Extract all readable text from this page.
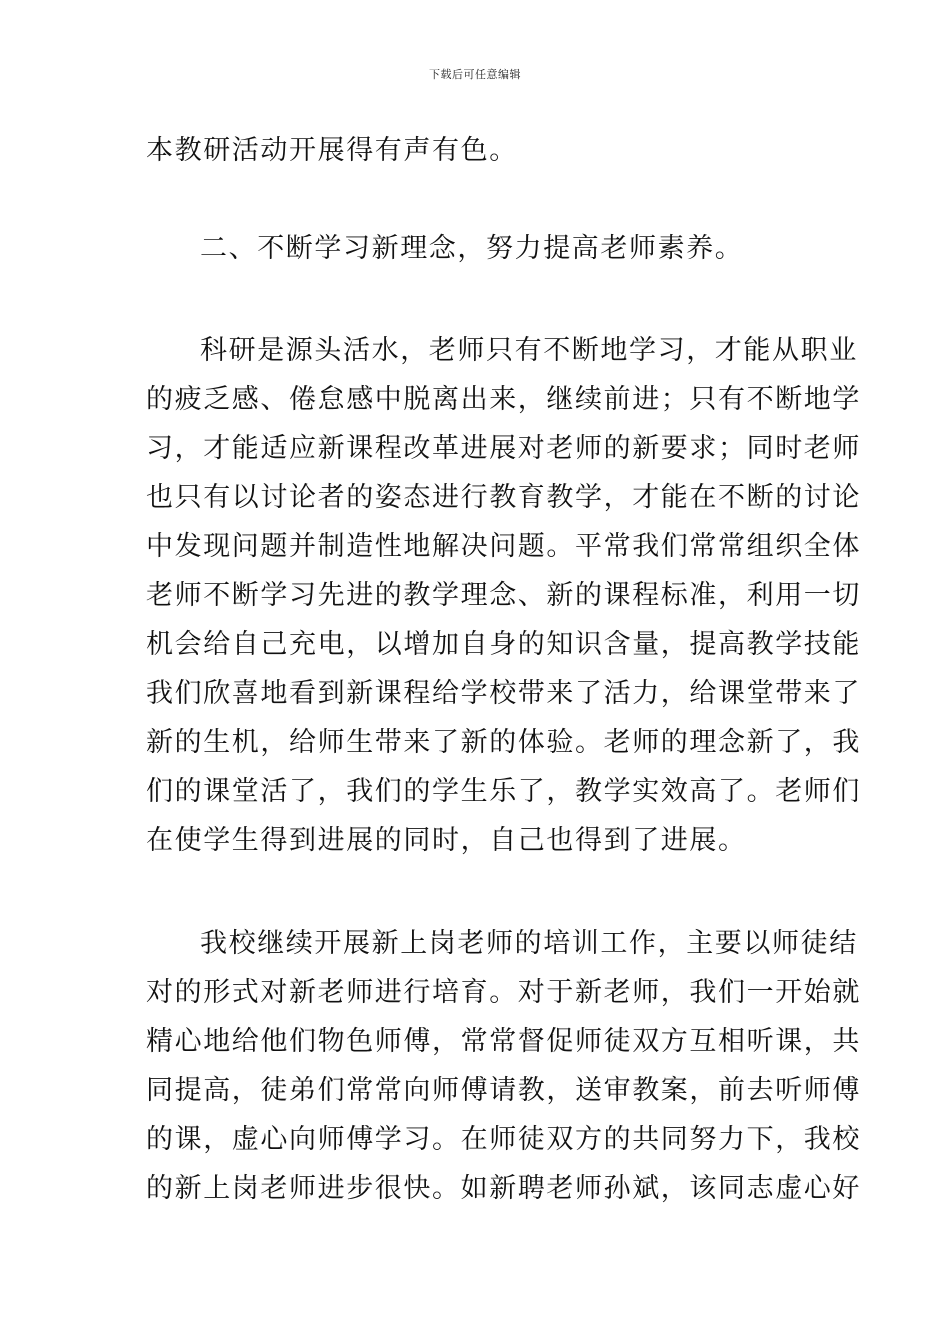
下载后可任意编辑
本教研活动开展得有声有色。
二、不断学习新理念，努力提高老师素养。
科研是源头活水，老师只有不断地学习，才能从职业
的疲乏感、倦怠感中脱离出来，继续前进；只有不断地学
习，才能适应新课程改革进展对老师的新要求；同时老师
也只有以讨论者的姿态进行教育教学，才能在不断的讨论
中发现问题并制造性地解决问题。平常我们常常组织全体
老师不断学习先进的教学理念、新的课程标准，利用一切
机会给自己充电，以增加自身的知识含量，提高教学技能
我们欣喜地看到新课程给学校带来了活力，给课堂带来了
新的生机，给师生带来了新的体验。老师的理念新了，我
们的课堂活了，我们的学生乐了，教学实效高了。老师们
在使学生得到进展的同时，自己也得到了进展。
我校继续开展新上岗老师的培训工作，主要以师徒结
对的形式对新老师进行培育。对于新老师，我们一开始就
精心地给他们物色师傅，常常督促师徒双方互相听课，共
同提高，徒弟们常常向师傅请教，送审教案，前去听师傅
的课，虚心向师傅学习。在师徒双方的共同努力下，我校
的新上岗老师进步很快。如新聘老师孙斌，该同志虚心好
